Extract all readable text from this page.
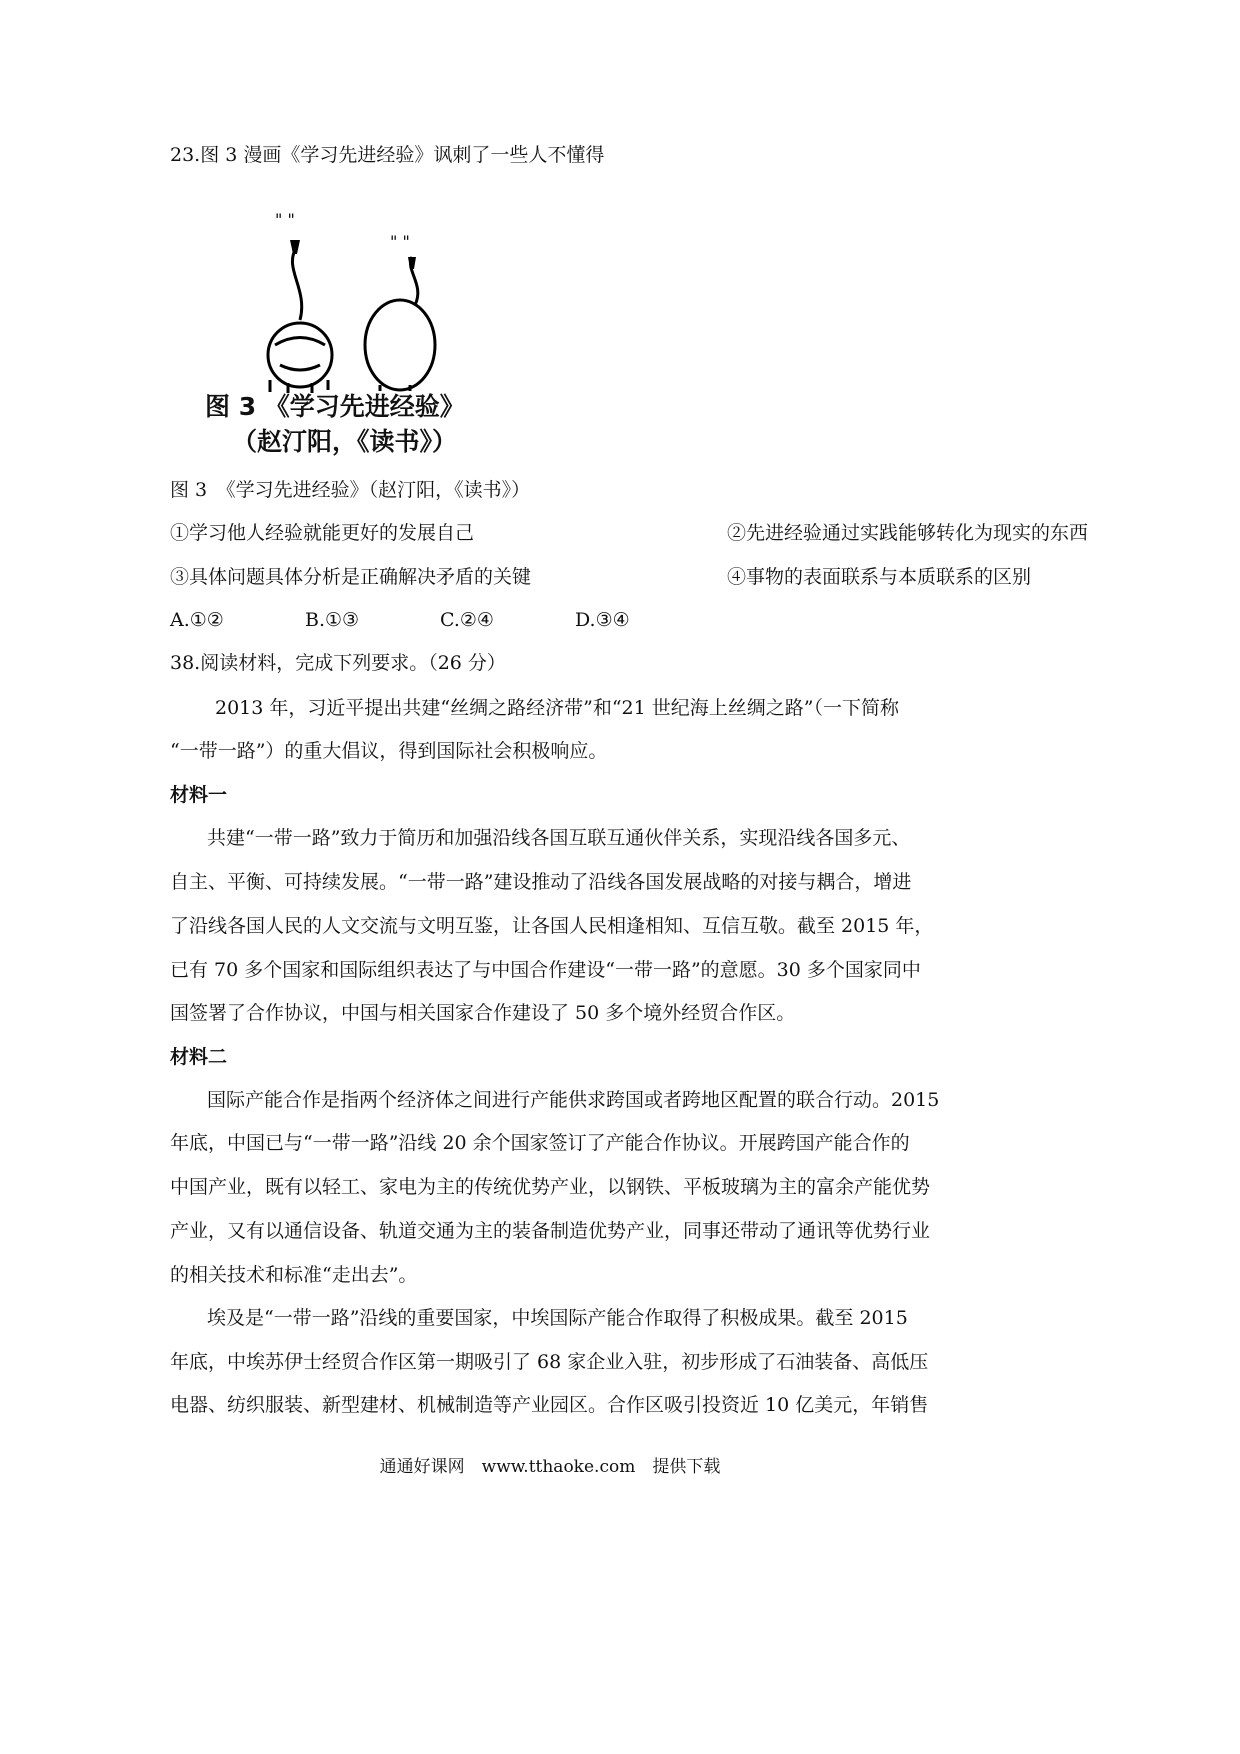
23.图 3 漫画《学习先进经验》讽刺了一些人不懂得
" "
" "
图 3 《学习先进经验》
（赵汀阳，《读书》）
图 3　《学习先进经验》（赵汀阳，《读书》）
①学习他人经验就能更好的发展自己	②先进经验通过实践能够转化为现实的东西
③具体问题具体分析是正确解决矛盾的关键	④事物的表面联系与本质联系的区别
A.①②	B.①③	C.②④	D.③④
38.阅读材料，完成下列要求。（26 分）
2013 年，习近平提出共建“丝绸之路经济带”和“21 世纪海上丝绸之路”（一下简称
“一带一路”）的重大倡议，得到国际社会积极响应。
材料一
共建“一带一路”致力于简历和加强沿线各国互联互通伙伴关系，实现沿线各国多元、
自主、平衡、可持续发展。“一带一路”建设推动了沿线各国发展战略的对接与耦合，增进
了沿线各国人民的人文交流与文明互鉴，让各国人民相逢相知、互信互敬。截至 2015 年，
已有 70 多个国家和国际组织表达了与中国合作建设“一带一路”的意愿。30 多个国家同中
国签署了合作协议，中国与相关国家合作建设了 50 多个境外经贸合作区。
材料二
国际产能合作是指两个经济体之间进行产能供求跨国或者跨地区配置的联合行动。2015
年底，中国已与“一带一路”沿线 20 余个国家签订了产能合作协议。开展跨国产能合作的
中国产业，既有以轻工、家电为主的传统优势产业，以钢铁、平板玻璃为主的富余产能优势
产业，又有以通信设备、轨道交通为主的装备制造优势产业，同事还带动了通讯等优势行业
的相关技术和标准“走出去”。
埃及是“一带一路”沿线的重要国家，中埃国际产能合作取得了积极成果。截至 2015
年底，中埃苏伊士经贸合作区第一期吸引了 68 家企业入驻，初步形成了石油装备、高低压
电器、纺织服装、新型建材、机械制造等产业园区。合作区吸引投资近 10 亿美元，年销售
通通好课网　www.tthaoke.com　提供下载
